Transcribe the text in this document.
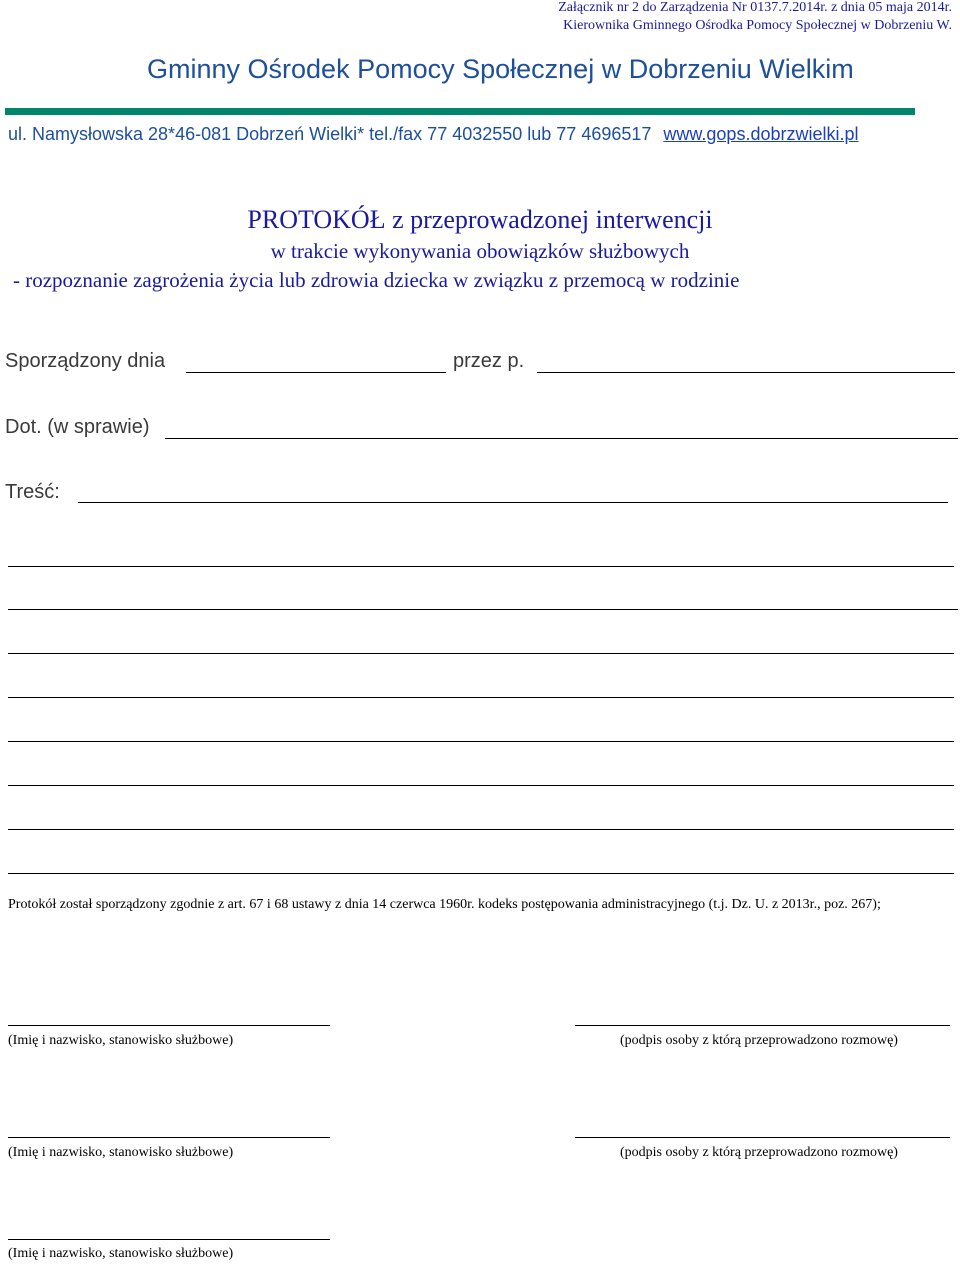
Załącznik nr 2 do Zarządzenia Nr 0137.7.2014r. z dnia 05 maja 2014r.
Kierownika Gminnego Ośrodka Pomocy Społecznej w Dobrzeniu W.
Gminny Ośrodek Pomocy Społecznej w Dobrzeniu Wielkim
ul. Namysłowska 28*46-081 Dobrzeń Wielki* tel./fax 77 4032550 lub 77 4696517 www.gops.dobrzwielki.pl
PROTOKÓŁ z przeprowadzonej interwencji
w trakcie wykonywania obowiązków służbowych
- rozpoznanie zagrożenia życia lub zdrowia dziecka w związku z przemocą w rodzinie
Sporządzony dnia	przez p.
Dot. (w sprawie)
Treść:
Protokół został sporządzony zgodnie z art. 67 i 68 ustawy z dnia 14 czerwca 1960r. kodeks postępowania administracyjnego (t.j. Dz. U. z 2013r., poz. 267);
(Imię i nazwisko, stanowisko służbowe)	(podpis osoby z którą przeprowadzono rozmowę)
(Imię i nazwisko, stanowisko służbowe)	(podpis osoby z którą przeprowadzono rozmowę)
(Imię i nazwisko, stanowisko służbowe)
